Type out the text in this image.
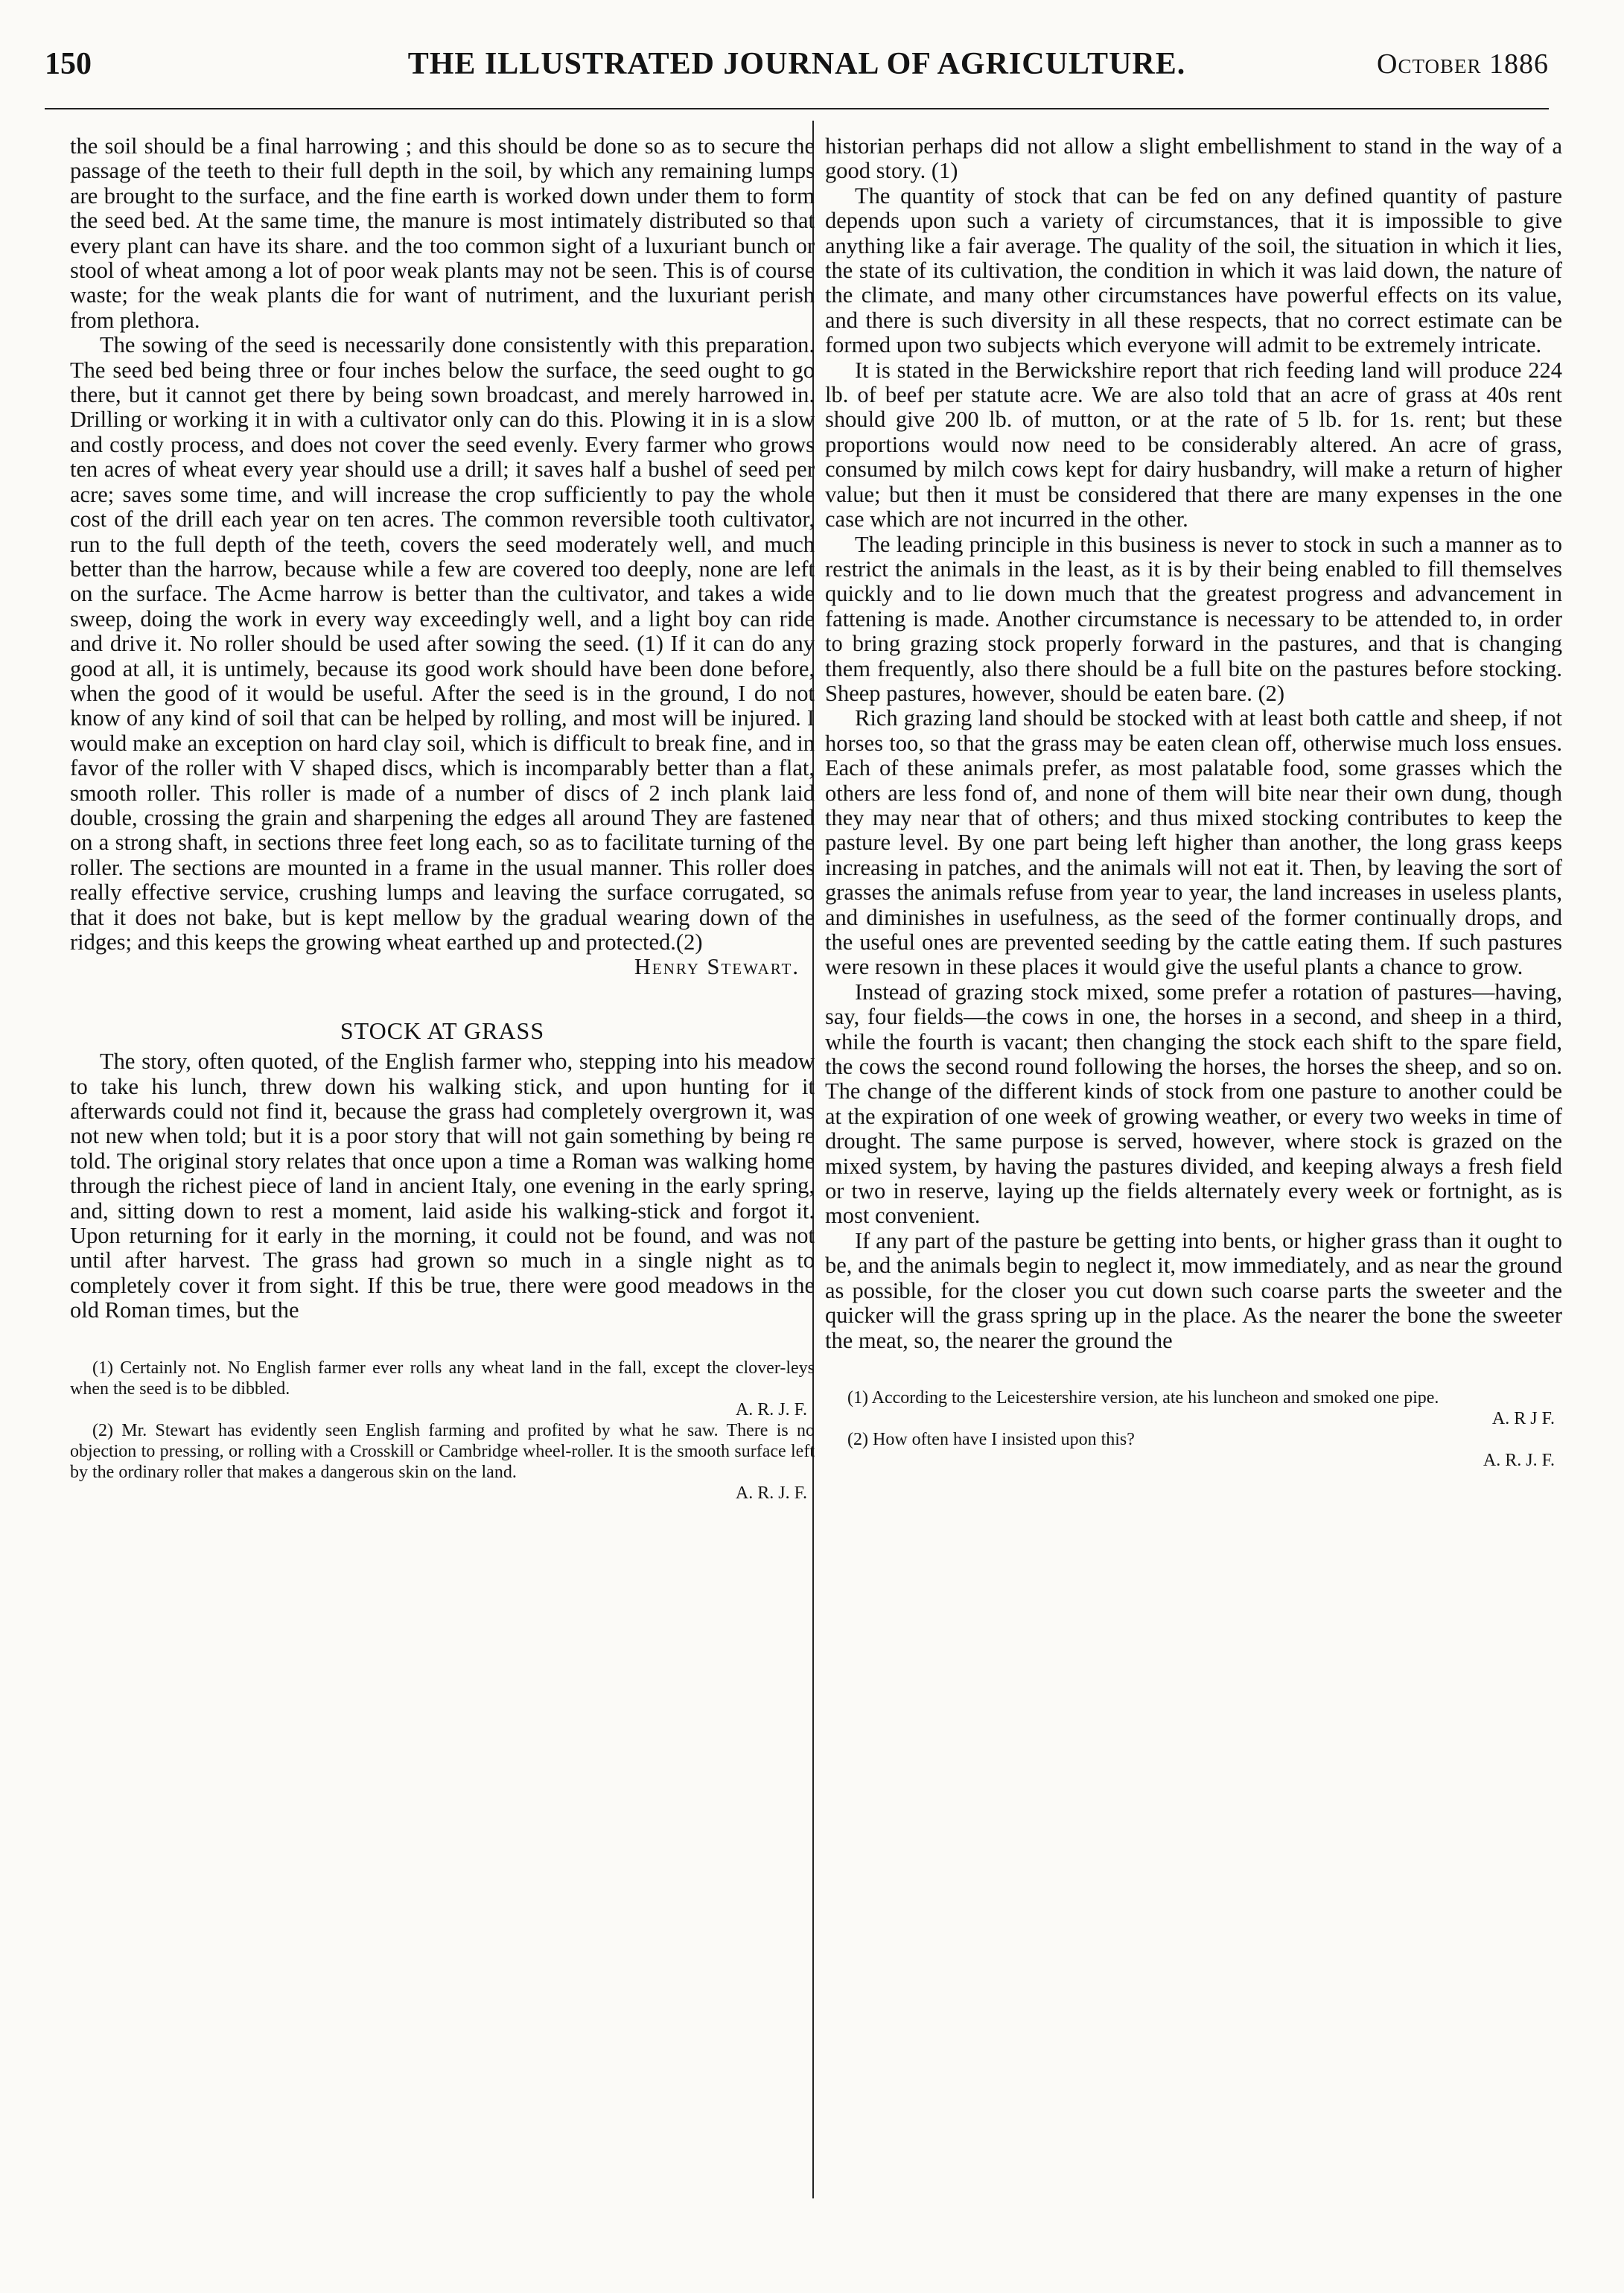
150	THE ILLUSTRATED JOURNAL OF AGRICULTURE.	October 1886

the soil should be a final harrowing ; and this should be done so as to secure the passage of the teeth to their full depth in the soil, by which any remaining lumps are brought to the surface, and the fine earth is worked down under them to form the seed bed. At the same time, the manure is most intimately distributed so that every plant can have its share. and the too common sight of a luxuriant bunch or stool of wheat among a lot of poor weak plants may not be seen. This is of course waste; for the weak plants die for want of nutriment, and the luxuriant perish from plethora.

The sowing of the seed is necessarily done consistently with this preparation. The seed bed being three or four inches below the surface, the seed ought to go there, but it cannot get there by being sown broadcast, and merely harrowed in. Drilling or working it in with a cultivator only can do this. Plowing it in is a slow and costly process, and does not cover the seed evenly. Every farmer who grows ten acres of wheat every year should use a drill; it saves half a bushel of seed per acre; saves some time, and will increase the crop sufficiently to pay the whole cost of the drill each year on ten acres. The common reversible tooth cultivator, run to the full depth of the teeth, covers the seed moderately well, and much better than the harrow, because while a few are covered too deeply, none are left on the surface. The Acme harrow is better than the cultivator, and takes a wide sweep, doing the work in every way exceedingly well, and a light boy can ride and drive it. No roller should be used after sowing the seed. (1) If it can do any good at all, it is untimely, because its good work should have been done before, when the good of it would be useful. After the seed is in the ground, I do not know of any kind of soil that can be helped by rolling, and most will be injured. I would make an exception on hard clay soil, which is difficult to break fine, and in favor of the roller with V shaped discs, which is incomparably better than a flat, smooth roller. This roller is made of a number of discs of 2 inch plank laid double, crossing the grain and sharpening the edges all around They are fastened on a strong shaft, in sections three feet long each, so as to facilitate turning of the roller. The sections are mounted in a frame in the usual manner. This roller does really effective service, crushing lumps and leaving the surface corrugated, so that it does not bake, but is kept mellow by the gradual wearing down of the ridges; and this keeps the growing wheat earthed up and protected.(2)

Henry Stewart.

STOCK AT GRASS

The story, often quoted, of the English farmer who, stepping into his meadow to take his lunch, threw down his walking stick, and upon hunting for it afterwards could not find it, because the grass had completely overgrown it, was not new when told; but it is a poor story that will not gain something by being re told. The original story relates that once upon a time a Roman was walking home through the richest piece of land in ancient Italy, one evening in the early spring, and, sitting down to rest a moment, laid aside his walking-stick and forgot it. Upon returning for it early in the morning, it could not be found, and was not until after harvest. The grass had grown so much in a single night as to completely cover it from sight. If this be true, there were good meadows in the old Roman times, but the

(1) Certainly not. No English farmer ever rolls any wheat land in the fall, except the clover-leys when the seed is to be dibbled.

A. R. J. F.

(2) Mr. Stewart has evidently seen English farming and profited by what he saw. There is no objection to pressing, or rolling with a Crosskill or Cambridge wheel-roller. It is the smooth surface left by the ordinary roller that makes a dangerous skin on the land.

A. R. J. F.

historian perhaps did not allow a slight embellishment to stand in the way of a good story. (1)

The quantity of stock that can be fed on any defined quantity of pasture depends upon such a variety of circumstances, that it is impossible to give anything like a fair average. The quality of the soil, the situation in which it lies, the state of its cultivation, the condition in which it was laid down, the nature of the climate, and many other circumstances have powerful effects on its value, and there is such diversity in all these respects, that no correct estimate can be formed upon two subjects which everyone will admit to be extremely intricate.

It is stated in the Berwickshire report that rich feeding land will produce 224 lb. of beef per statute acre. We are also told that an acre of grass at 40s rent should give 200 lb. of mutton, or at the rate of 5 lb. for 1s. rent; but these proportions would now need to be considerably altered. An acre of grass, consumed by milch cows kept for dairy husbandry, will make a return of higher value; but then it must be considered that there are many expenses in the one case which are not incurred in the other.

The leading principle in this business is never to stock in such a manner as to restrict the animals in the least, as it is by their being enabled to fill themselves quickly and to lie down much that the greatest progress and advancement in fattening is made. Another circumstance is necessary to be attended to, in order to bring grazing stock properly forward in the pastures, and that is changing them frequently, also there should be a full bite on the pastures before stocking. Sheep pastures, however, should be eaten bare. (2)

Rich grazing land should be stocked with at least both cattle and sheep, if not horses too, so that the grass may be eaten clean off, otherwise much loss ensues. Each of these animals prefer, as most palatable food, some grasses which the others are less fond of, and none of them will bite near their own dung, though they may near that of others; and thus mixed stocking contributes to keep the pasture level. By one part being left higher than another, the long grass keeps increasing in patches, and the animals will not eat it. Then, by leaving the sort of grasses the animals refuse from year to year, the land increases in useless plants, and diminishes in usefulness, as the seed of the former continually drops, and the useful ones are prevented seeding by the cattle eating them. If such pastures were resown in these places it would give the useful plants a chance to grow.

Instead of grazing stock mixed, some prefer a rotation of pastures—having, say, four fields—the cows in one, the horses in a second, and sheep in a third, while the fourth is vacant; then changing the stock each shift to the spare field, the cows the second round following the horses, the horses the sheep, and so on. The change of the different kinds of stock from one pasture to another could be at the expiration of one week of growing weather, or every two weeks in time of drought. The same purpose is served, however, where stock is grazed on the mixed system, by having the pastures divided, and keeping always a fresh field or two in reserve, laying up the fields alternately every week or fortnight, as is most convenient.

If any part of the pasture be getting into bents, or higher grass than it ought to be, and the animals begin to neglect it, mow immediately, and as near the ground as possible, for the closer you cut down such coarse parts the sweeter and the quicker will the grass spring up in the place. As the nearer the bone the sweeter the meat, so, the nearer the ground the

(1) According to the Leicestershire version, ate his luncheon and smoked one pipe.

A. R J F.

(2) How often have I insisted upon this?

A. R. J. F.
